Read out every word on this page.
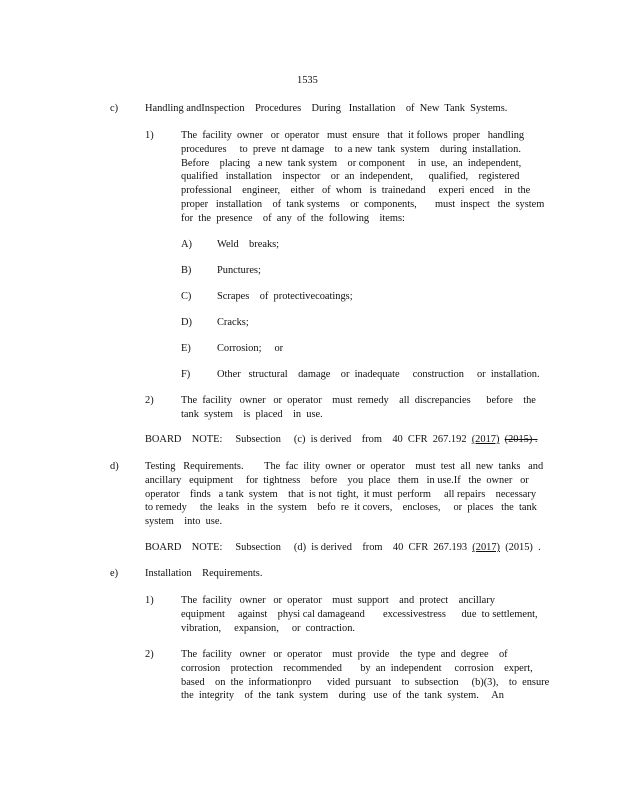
1535
c)	Handling andInspection    Procedures    During   Installation    of  New  Tank  Systems.
1)	The  facility  owner   or  operator   must  ensure   that  it follows  proper   handling
procedures     to  preve  nt damage    to  a new  tank  system    during  installation.
Before    placing   a new  tank system    or component     in  use,  an  independent,
qualified   installation    inspector    or  an  independent,      qualified,    registered
professional    engineer,    either   of  whom   is  trainedand     experi  enced    in  the
proper   installation    of  tank systems    or  components,       must  inspect   the  system
for  the  presence    of  any  of  the  following    items:
A) Weld    breaks;
B) Punctures;
C) Scrapes    of  protectivecoatings;
D) Cracks;
E)	Corrosion;     or
F)	Other   structural    damage    or  inadequate     construction     or  installation.
2)	The  facility   owner   or  operator    must  remedy    all  discrepancies      before    the
tank  system    is  placed    in  use.
BOARD    NOTE:     Subsection     (c)  is derived    from    40  CFR  267.192  (2017) (2015) .
d)	Testing   Requirements.        The  fac  ility  owner  or  operator    must  test  all  new  tanks   and
ancillary   equipment     for  tightness    before    you  place   them   in use.If   the  owner   or
operator    finds   a tank  system    that  is not  tight,  it must  perform     all repairs    necessary
to remedy     the  leaks   in  the  system    befo  re  it covers,    encloses,     or  places   the  tank
system    into  use.
BOARD    NOTE:     Subsection     (d)  is derived    from    40  CFR  267.193  (2017)  (2015)  .
e)	Installation    Requirements.
1)	The  facility   owner   or  operator    must  support    and  protect    ancillary
equipment     against    physi cal damageand       excessivestress      due  to settlement,
vibration,     expansion,     or  contraction.
2)	The  facility   owner   or  operator    must  provide    the  type  and  degree    of
corrosion    protection    recommended       by  an  independent     corrosion    expert,
based    on  the  informationpro      vided  pursuant    to  subsection     (b)(3),    to  ensure
the  integrity    of  the  tank  system    during   use  of  the  tank  system.     An
